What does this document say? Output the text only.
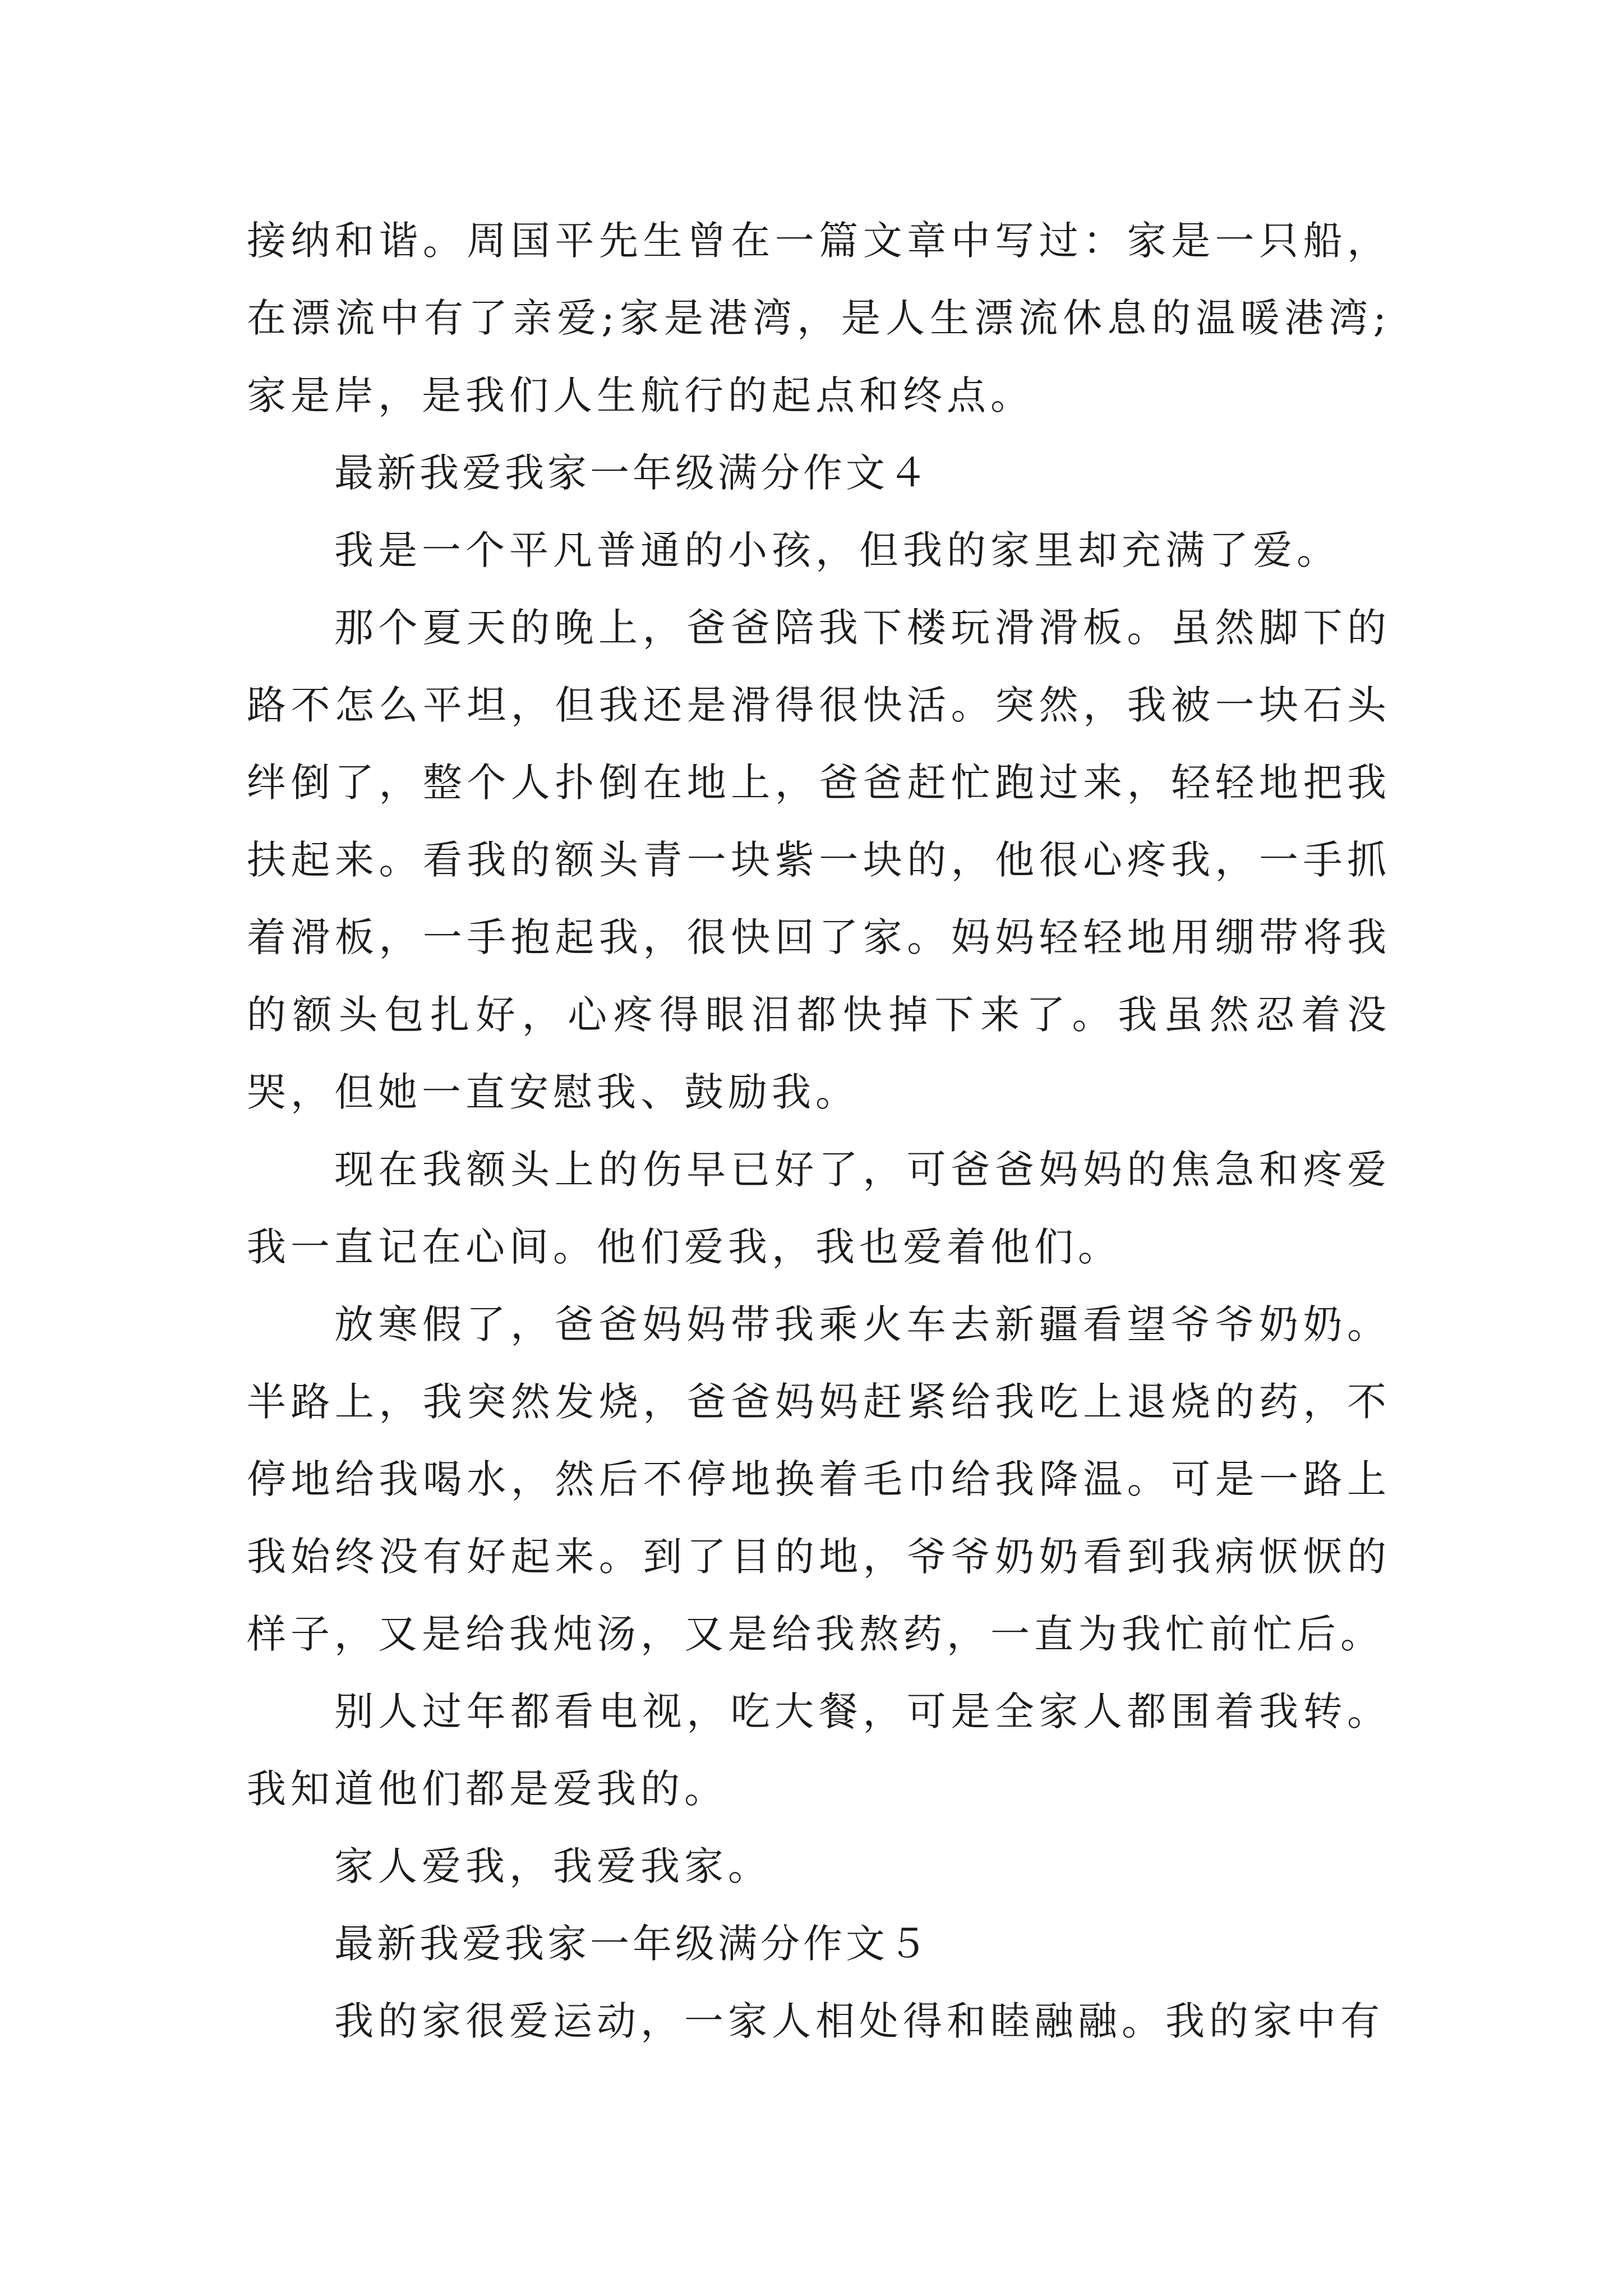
接纳和谐。周国平先生曾在一篇文章中写过：家是一只船，在漂流中有了亲爱;家是港湾，是人生漂流休息的温暖港湾;家是岸，是我们人生航行的起点和终点。

最新我爱我家一年级满分作文４

我是一个平凡普通的小孩，但我的家里却充满了爱。

那个夏天的晚上，爸爸陪我下楼玩滑滑板。虽然脚下的路不怎么平坦，但我还是滑得很快活。突然，我被一块石头绊倒了，整个人扑倒在地上，爸爸赶忙跑过来，轻轻地把我扶起来。看我的额头青一块紫一块的，他很心疼我，一手抓着滑板，一手抱起我，很快回了家。妈妈轻轻地用绷带将我的额头包扎好，心疼得眼泪都快掉下来了。我虽然忍着没哭，但她一直安慰我、鼓励我。

现在我额头上的伤早已好了，可爸爸妈妈的焦急和疼爱我一直记在心间。他们爱我，我也爱着他们。

放寒假了，爸爸妈妈带我乘火车去新疆看望爷爷奶奶。半路上，我突然发烧，爸爸妈妈赶紧给我吃上退烧的药，不停地给我喝水，然后不停地换着毛巾给我降温。可是一路上我始终没有好起来。到了目的地，爷爷奶奶看到我病恹恹的样子，又是给我炖汤，又是给我熬药，一直为我忙前忙后。

别人过年都看电视，吃大餐，可是全家人都围着我转。我知道他们都是爱我的。

家人爱我，我爱我家。

最新我爱我家一年级满分作文５

我的家很爱运动，一家人相处得和睦融融。我的家中有
